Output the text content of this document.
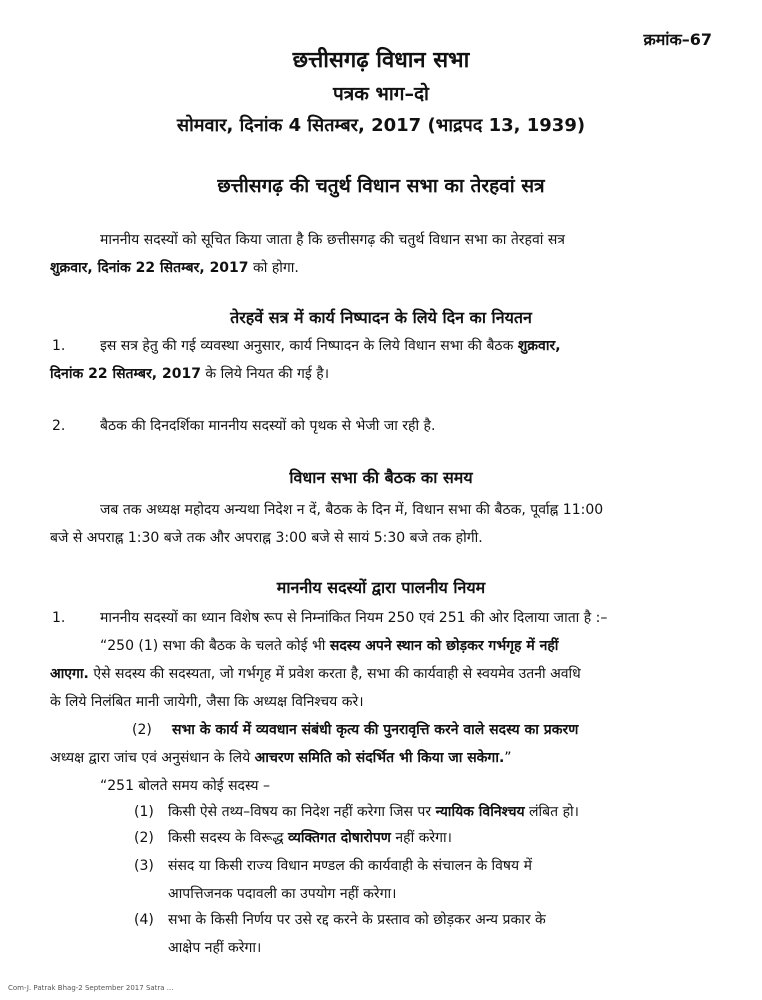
क्रमांक–67
छत्तीसगढ़ विधान सभा
पत्रक भाग–दो
सोमवार, दिनांक 4 सितम्बर, 2017 (भाद्रपद 13, 1939)
छत्तीसगढ़ की चतुर्थ विधान सभा का तेरहवां सत्र
माननीय सदस्यों को सूचित किया जाता है कि छत्तीसगढ़ की चतुर्थ विधान सभा का तेरहवां सत्र
शुक्रवार, दिनांक 22 सितम्बर, 2017 को होगा.
तेरहवें सत्र में कार्य निष्पादन के लिये दिन का नियतन
1. इस सत्र हेतु की गई व्यवस्था अनुसार, कार्य निष्पादन के लिये विधान सभा की बैठक शुक्रवार,
दिनांक 22 सितम्बर, 2017 के लिये नियत की गई है।
2. बैठक की दिनदर्शिका माननीय सदस्यों को पृथक से भेजी जा रही है.
विधान सभा की बैठक का समय
जब तक अध्यक्ष महोदय अन्यथा निदेश न दें, बैठक के दिन में, विधान सभा की बैठक, पूर्वाह्न 11:00
बजे से अपराह्न 1:30 बजे तक और अपराह्न 3:00 बजे से सायं 5:30 बजे तक होगी.
माननीय सदस्यों द्वारा पालनीय नियम
1. माननीय सदस्यों का ध्यान विशेष रूप से निम्नांकित नियम 250 एवं 251 की ओर दिलाया जाता है :–
“250 (1) सभा की बैठक के चलते कोई भी सदस्य अपने स्थान को छोड़कर गर्भगृह में नहीं
आएगा. ऐसे सदस्य की सदस्यता, जो गर्भगृह में प्रवेश करता है, सभा की कार्यवाही से स्वयमेव उतनी अवधि
के लिये निलंबित मानी जायेगी, जैसा कि अध्यक्ष विनिश्चय करे।
(2) सभा के कार्य में व्यवधान संबंधी कृत्य की पुनरावृत्ति करने वाले सदस्य का प्रकरण
अध्यक्ष द्वारा जांच एवं अनुसंधान के लिये आचरण समिति को संदर्भित भी किया जा सकेगा.”
“251 बोलते समय कोई सदस्य –
(1) किसी ऐसे तथ्य–विषय का निदेश नहीं करेगा जिस पर न्यायिक विनिश्चय लंबित हो।
(2) किसी सदस्य के विरूद्ध व्यक्तिगत दोषारोपण नहीं करेगा।
(3) संसद या किसी राज्य विधान मण्डल की कार्यवाही के संचालन के विषय में
(4) सभा के किसी निर्णय पर उसे रद्द करने के प्रस्ताव को छोड़कर अन्य प्रकार के
आपत्तिजनक पदावली का उपयोग नहीं करेगा।
आक्षेप नहीं करेगा।
Com-J. Patrak Bhag-2 September 2017 Satra ...
